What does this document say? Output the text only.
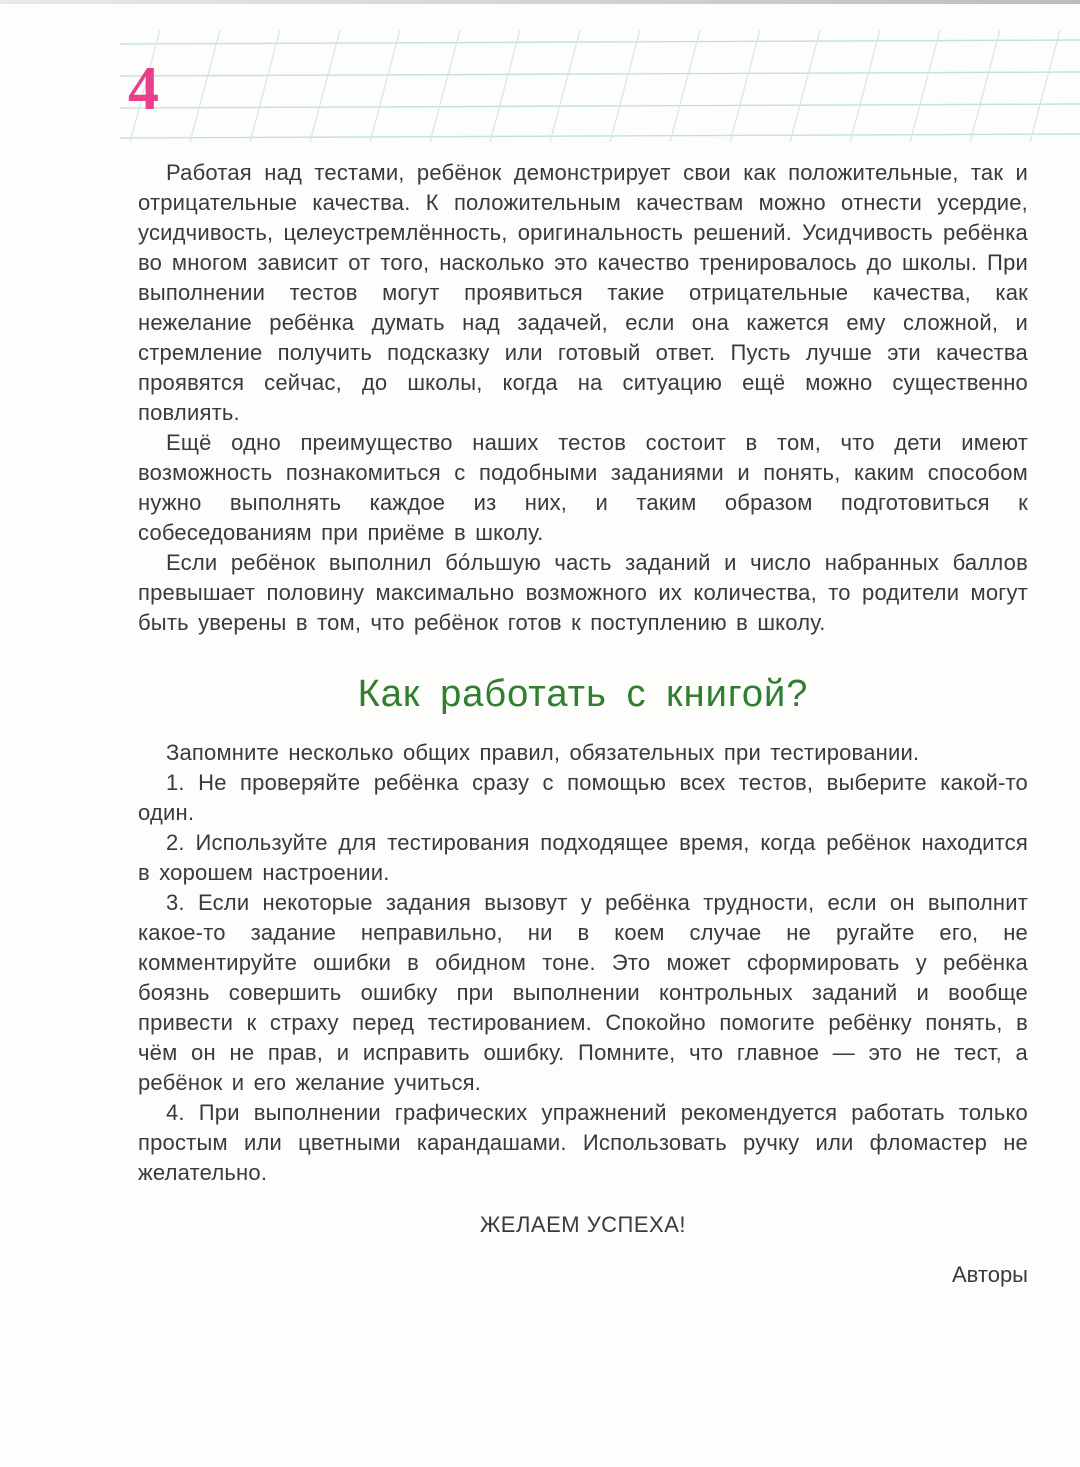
4

Работая над тестами, ребёнок демонстрирует свои как положительные, так и отрицательные качества. К положительным качествам можно отнести усердие, усидчивость, целеустремлённость, оригинальность решений. Усидчивость ребёнка во многом зависит от того, насколько это качество тренировалось до школы. При выполнении тестов могут проявиться такие отрицательные качества, как нежелание ребёнка думать над задачей, если она кажется ему сложной, и стремление получить подсказку или готовый ответ. Пусть лучше эти качества проявятся сейчас, до школы, когда на ситуацию ещё можно существенно повлиять.

Ещё одно преимущество наших тестов состоит в том, что дети имеют возможность познакомиться с подобными заданиями и понять, каким способом нужно выполнять каждое из них, и таким образом подготовиться к собеседованиям при приёме в школу.

Если ребёнок выполнил бóльшую часть заданий и число набранных баллов превышает половину максимально возможного их количества, то родители могут быть уверены в том, что ребёнок готов к поступлению в школу.

Как работать с книгой?

Запомните несколько общих правил, обязательных при тестировании.

1. Не проверяйте ребёнка сразу с помощью всех тестов, выберите какой-то один.

2. Используйте для тестирования подходящее время, когда ребёнок находится в хорошем настроении.

3. Если некоторые задания вызовут у ребёнка трудности, если он выполнит какое-то задание неправильно, ни в коем случае не ругайте его, не комментируйте ошибки в обидном тоне. Это может сформировать у ребёнка боязнь совершить ошибку при выполнении контрольных заданий и вообще привести к страху перед тестированием. Спокойно помогите ребёнку понять, в чём он не прав, и исправить ошибку. Помните, что главное — это не тест, а ребёнок и его желание учиться.

4. При выполнении графических упражнений рекомендуется работать только простым или цветными карандашами. Использовать ручку или фломастер не желательно.

ЖЕЛАЕМ УСПЕХА!
Авторы
